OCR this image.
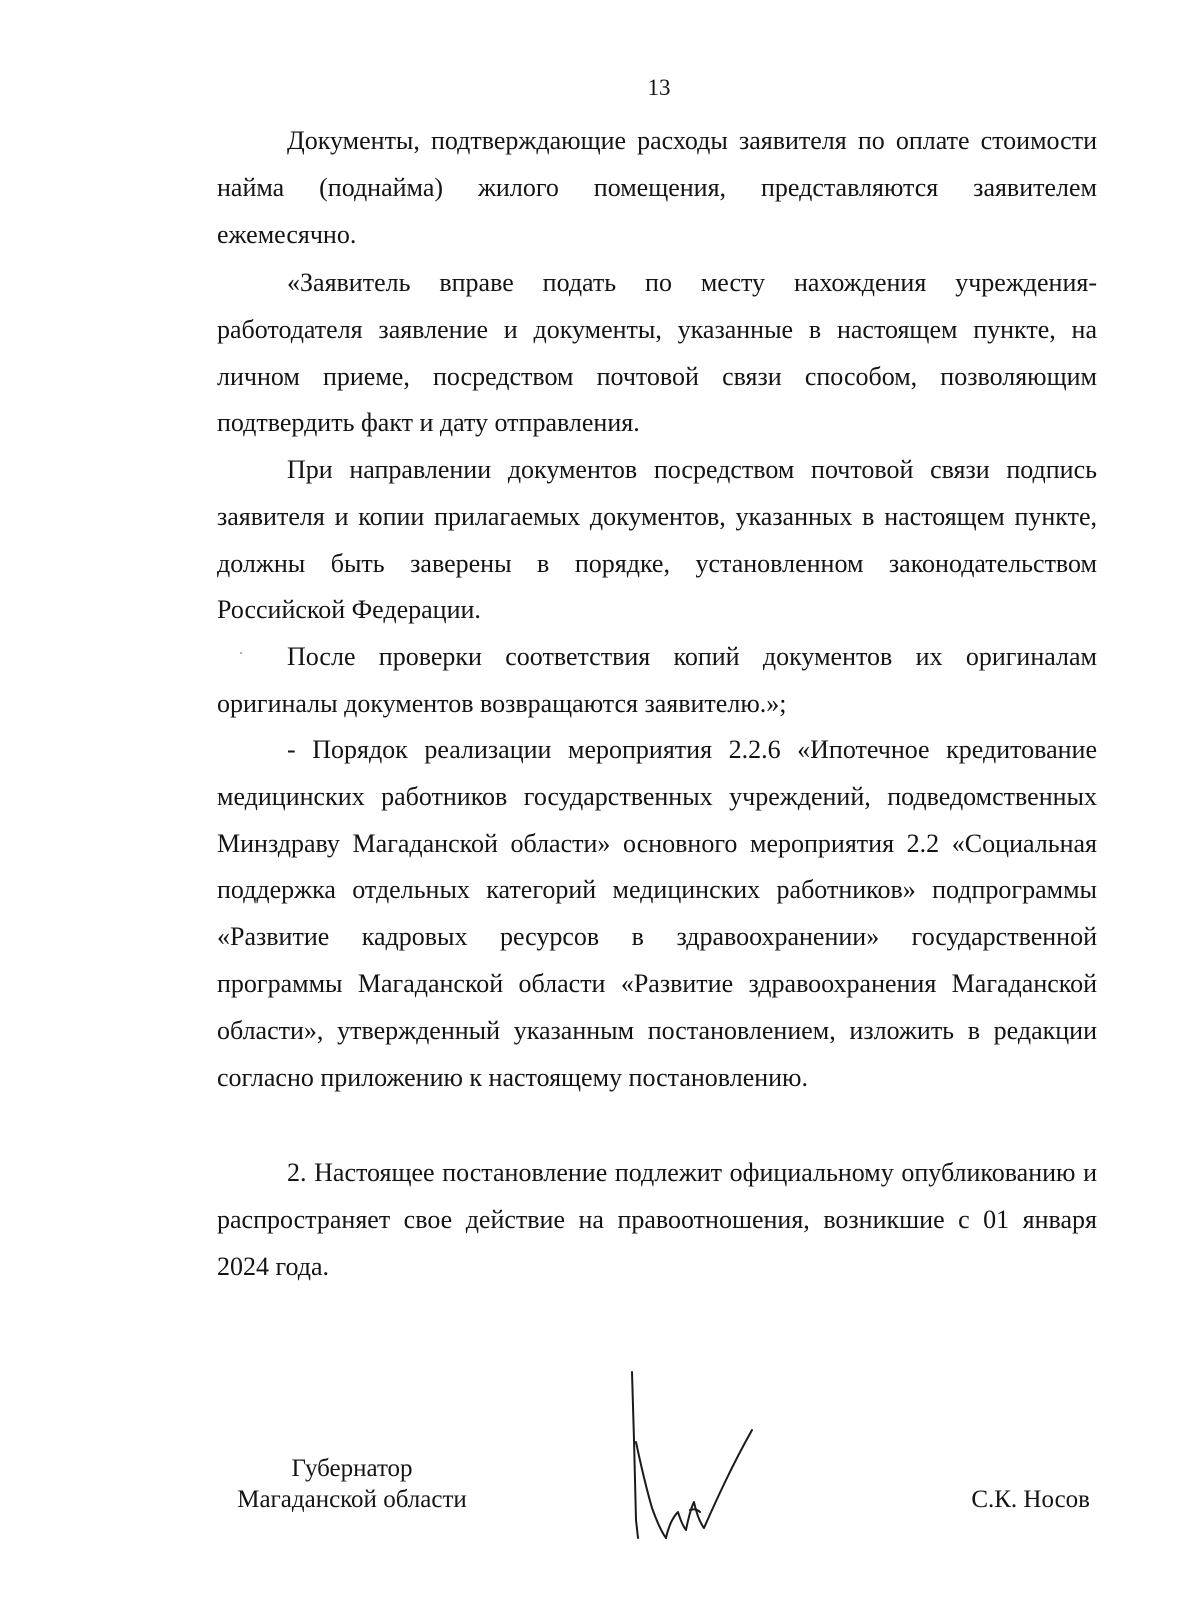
13

Документы, подтверждающие расходы заявителя по оплате стоимости найма (поднайма) жилого помещения, представляются заявителем ежемесячно.

«Заявитель вправе подать по месту нахождения учреждения-работодателя заявление и документы, указанные в настоящем пункте, на личном приеме, посредством почтовой связи способом, позволяющим подтвердить факт и дату отправления.

При направлении документов посредством почтовой связи подпись заявителя и копии прилагаемых документов, указанных в настоящем пункте, должны быть заверены в порядке, установленном законодательством Российской Федерации.

После проверки соответствия копий документов их оригиналам оригиналы документов возвращаются заявителю.»;

- Порядок реализации мероприятия 2.2.6 «Ипотечное кредитование медицинских работников государственных учреждений, подведомственных Минздраву Магаданской области» основного мероприятия 2.2 «Социальная поддержка отдельных категорий медицинских работников» подпрограммы «Развитие кадровых ресурсов в здравоохранении» государственной программы Магаданской области «Развитие здравоохранения Магаданской области», утвержденный указанным постановлением, изложить в редакции согласно приложению к настоящему постановлению.

2. Настоящее постановление подлежит официальному опубликованию и распространяет свое действие на правоотношения, возникшие с 01 января 2024 года.

Губернатор
Магаданской области	С.К. Носов
